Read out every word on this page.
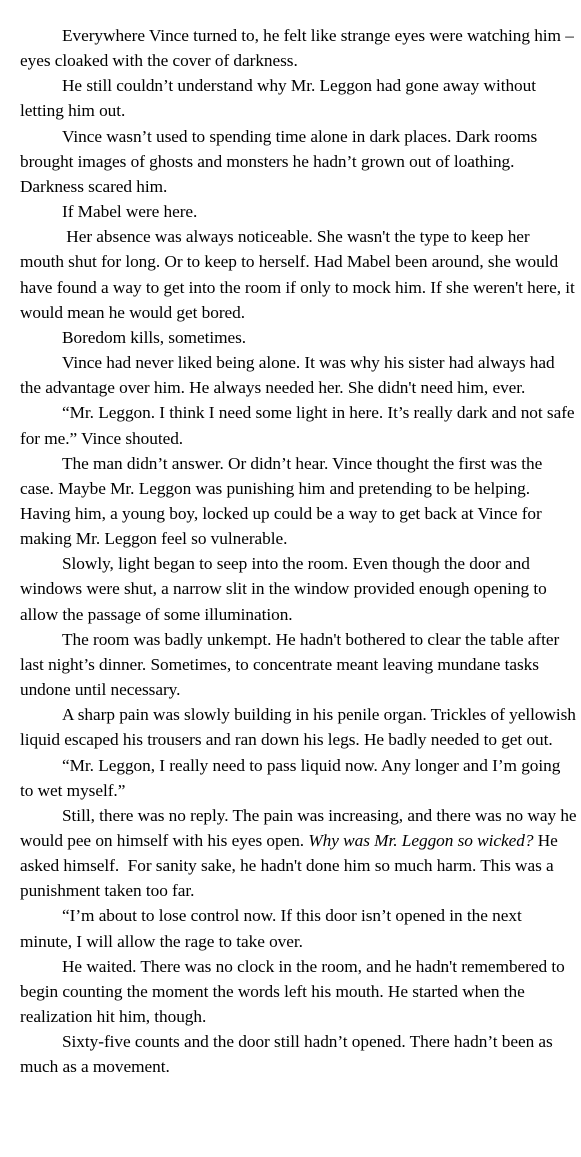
Everywhere Vince turned to, he felt like strange eyes were watching him – eyes cloaked with the cover of darkness.

He still couldn’t understand why Mr. Leggon had gone away without letting him out.

Vince wasn’t used to spending time alone in dark places. Dark rooms brought images of ghosts and monsters he hadn’t grown out of loathing. Darkness scared him.

If Mabel were here.

Her absence was always noticeable. She wasn't the type to keep her mouth shut for long. Or to keep to herself. Had Mabel been around, she would have found a way to get into the room if only to mock him. If she weren't here, it would mean he would get bored.

Boredom kills, sometimes.

Vince had never liked being alone. It was why his sister had always had the advantage over him. He always needed her. She didn't need him, ever.

“Mr. Leggon. I think I need some light in here. It’s really dark and not safe for me.” Vince shouted.

The man didn’t answer. Or didn’t hear. Vince thought the first was the case. Maybe Mr. Leggon was punishing him and pretending to be helping. Having him, a young boy, locked up could be a way to get back at Vince for making Mr. Leggon feel so vulnerable.

Slowly, light began to seep into the room. Even though the door and windows were shut, a narrow slit in the window provided enough opening to allow the passage of some illumination.

The room was badly unkempt. He hadn't bothered to clear the table after last night’s dinner. Sometimes, to concentrate meant leaving mundane tasks undone until necessary.

A sharp pain was slowly building in his penile organ. Trickles of yellowish liquid escaped his trousers and ran down his legs. He badly needed to get out.

“Mr. Leggon, I really need to pass liquid now. Any longer and I’m going to wet myself.”

Still, there was no reply. The pain was increasing, and there was no way he would pee on himself with his eyes open. Why was Mr. Leggon so wicked? He asked himself.  For sanity sake, he hadn't done him so much harm. This was a punishment taken too far.

“I’m about to lose control now. If this door isn’t opened in the next minute, I will allow the rage to take over.

He waited. There was no clock in the room, and he hadn't remembered to begin counting the moment the words left his mouth. He started when the realization hit him, though.

Sixty-five counts and the door still hadn’t opened. There hadn’t been as much as a movement.
